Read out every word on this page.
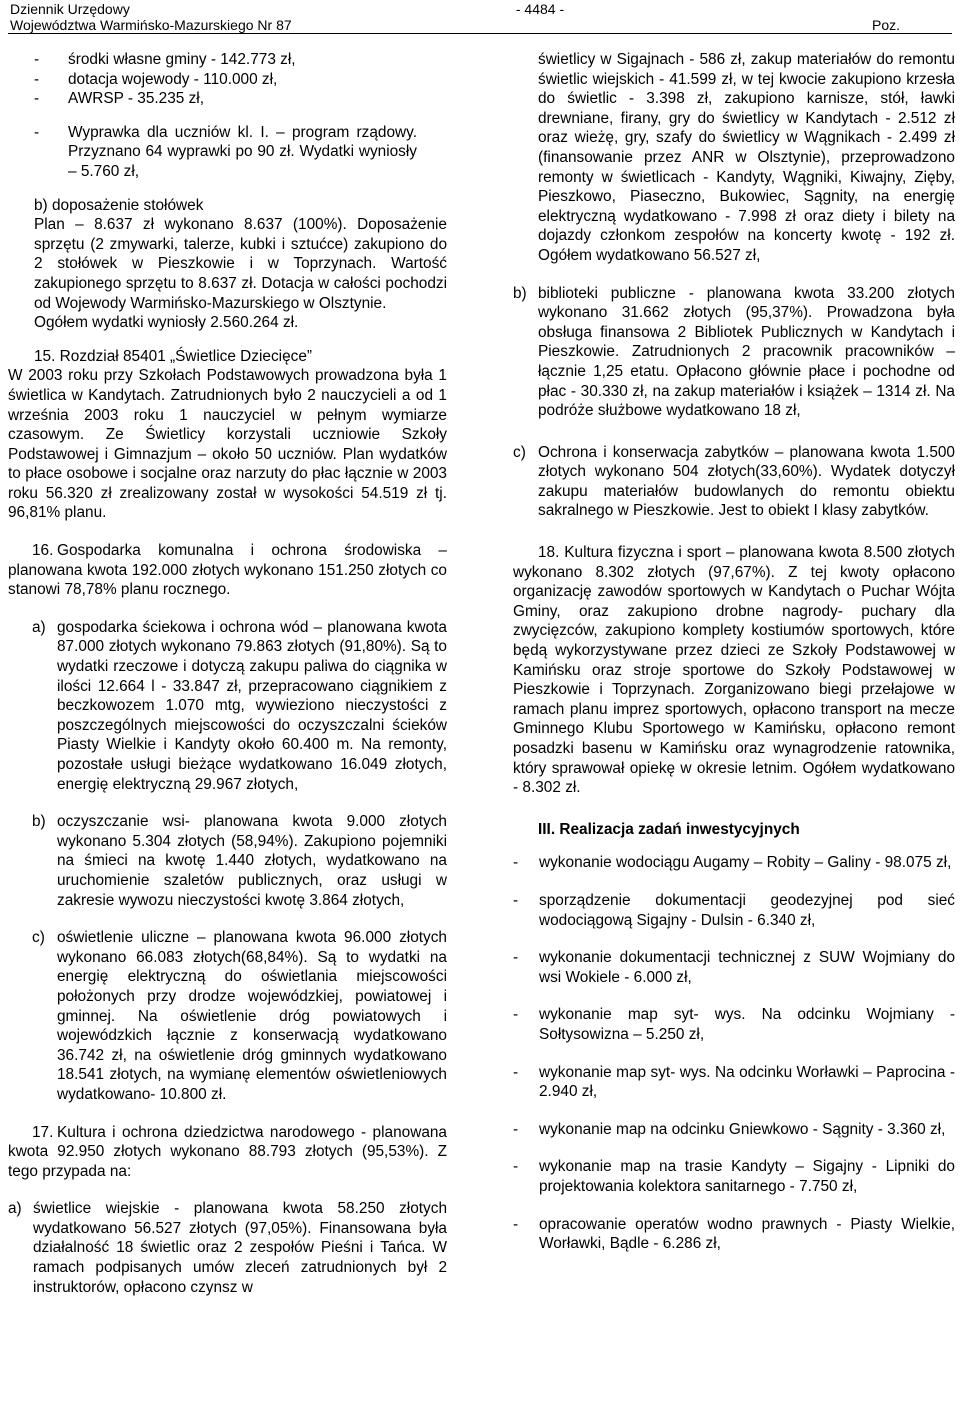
Dziennik Urzędowy
Województwa Warmińsko-Mazurskiego Nr 87
- 4484 -
Poz.
- środki własne gminy - 142.773 zł,
- dotacja wojewody - 110.000 zł,
- AWRSP - 35.235 zł,
- Wyprawka dla uczniów kl. I. – program rządowy. Przyznano 64 wyprawki po 90 zł. Wydatki wyniosły – 5.760 zł,
b) doposażenie stołówek
Plan – 8.637 zł wykonano 8.637 (100%). Doposażenie sprzętu (2 zmywarki, talerze, kubki i sztućce) zakupiono do 2 stołówek w Pieszkowie i w Toprzynach. Wartość zakupionego sprzętu to 8.637 zł. Dotacja w całości pochodzi od Wojewody Warmińsko-Mazurskiego w Olsztynie.
Ogółem wydatki wyniosły 2.560.264 zł.
15. Rozdział 85401 „Świetlice Dziecięce”
W 2003 roku przy Szkołach Podstawowych prowadzona była 1 świetlica w Kandytach. Zatrudnionych było 2 nauczycieli a od 1 września 2003 roku 1 nauczyciel w pełnym wymiarze czasowym. Ze Świetlicy korzystali uczniowie Szkoły Podstawowej i Gimnazjum – około 50 uczniów. Plan wydatków to płace osobowe i socjalne oraz narzuty do płac łącznie w 2003 roku 56.320 zł zrealizowany został w wysokości 54.519 zł tj. 96,81% planu.
16. Gospodarka komunalna i ochrona środowiska – planowana kwota 192.000 złotych wykonano 151.250 złotych co stanowi 78,78% planu rocznego.
a) gospodarka ściekowa i ochrona wód – planowana kwota 87.000 złotych wykonano 79.863 złotych (91,80%). Są to wydatki rzeczowe i dotyczą zakupu paliwa do ciągnika w ilości 12.664 l - 33.847 zł, przepracowano ciągnikiem z beczkowozem 1.070 mtg, wywieziono nieczystości z poszczególnych miejscowości do oczyszczalni ścieków Piasty Wielkie i Kandyty około 60.400 m. Na remonty, pozostałe usługi bieżące wydatkowano 16.049 złotych, energię elektryczną 29.967 złotych,
b) oczyszczanie wsi- planowana kwota 9.000 złotych wykonano 5.304 złotych (58,94%). Zakupiono pojemniki na śmieci na kwotę 1.440 złotych, wydatkowano na uruchomienie szaletów publicznych, oraz usługi w zakresie wywozu nieczystości kwotę 3.864 złotych,
c) oświetlenie uliczne – planowana kwota 96.000 złotych wykonano 66.083 złotych(68,84%). Są to wydatki na energię elektryczną do oświetlania miejscowości położonych przy drodze wojewódzkiej, powiatowej i gminnej. Na oświetlenie dróg powiatowych i wojewódzkich łącznie z konserwacją wydatkowano 36.742 zł, na oświetlenie dróg gminnych wydatkowano 18.541 złotych, na wymianę elementów oświetleniowych wydatkowano- 10.800 zł.
17. Kultura i ochrona dziedzictwa narodowego - planowana kwota 92.950 złotych wykonano 88.793 złotych (95,53%). Z tego przypada na:
a) świetlice wiejskie - planowana kwota 58.250 złotych wydatkowano 56.527 złotych (97,05%). Finansowana była działalność 18 świetlic oraz 2 zespołów Pieśni i Tańca. W ramach podpisanych umów zleceń zatrudnionych był 2 instruktorów, opłacono czynsz w
świetlicy w Sigajnach - 586 zł, zakup materiałów do remontu świetlic wiejskich - 41.599 zł, w tej kwocie zakupiono krzesła do świetlic - 3.398 zł, zakupiono karnisze, stół, ławki drewniane, firany, gry do świetlicy w Kandytach - 2.512 zł oraz wieżę, gry, szafy do świetlicy w Wągnikach - 2.499 zł (finansowanie przez ANR w Olsztynie), przeprowadzono remonty w świetlicach - Kandyty, Wągniki, Kiwajny, Zięby, Pieszkowo, Piaseczno, Bukowiec, Sągnity, na energię elektryczną wydatkowano - 7.998 zł oraz diety i bilety na dojazdy członkom zespołów na koncerty kwotę - 192 zł. Ogółem wydatkowano 56.527 zł,
b) biblioteki publiczne - planowana kwota 33.200 złotych wykonano 31.662 złotych (95,37%). Prowadzona była obsługa finansowa 2 Bibliotek Publicznych w Kandytach i Pieszkowie. Zatrudnionych 2 pracownik pracowników – łącznie 1,25 etatu. Opłacono głównie płace i pochodne od płac - 30.330 zł, na zakup materiałów i książek – 1314 zł. Na podróże służbowe wydatkowano 18 zł,
c) Ochrona i konserwacja zabytków – planowana kwota 1.500 złotych wykonano 504 złotych(33,60%). Wydatek dotyczył zakupu materiałów budowlanych do remontu obiektu sakralnego w Pieszkowie. Jest to obiekt I klasy zabytków.
18. Kultura fizyczna i sport – planowana kwota 8.500 złotych wykonano 8.302 złotych (97,67%). Z tej kwoty opłacono organizację zawodów sportowych w Kandytach o Puchar Wójta Gminy, oraz zakupiono drobne nagrody- puchary dla zwycięzców, zakupiono komplety kostiumów sportowych, które będą wykorzystywane przez dzieci ze Szkoły Podstawowej w Kamińsku oraz stroje sportowe do Szkoły Podstawowej w Pieszkowie i Toprzynach. Zorganizowano biegi przełajowe w ramach planu imprez sportowych, opłacono transport na mecze Gminnego Klubu Sportowego w Kamińsku, opłacono remont posadzki basenu w Kamińsku oraz wynagrodzenie ratownika, który sprawował opiekę w okresie letnim. Ogółem wydatkowano - 8.302 zł.
III. Realizacja zadań inwestycyjnych
- wykonanie wodociągu Augamy – Robity – Galiny - 98.075 zł,
- sporządzenie dokumentacji geodezyjnej pod sieć wodociągową Sigajny - Dulsin - 6.340 zł,
- wykonanie dokumentacji technicznej z SUW Wojmiany do wsi Wokiele - 6.000 zł,
- wykonanie map syt- wys. Na odcinku Wojmiany - Sołtysowizna – 5.250 zł,
- wykonanie map syt- wys. Na odcinku Worławki – Paprocina - 2.940 zł,
- wykonanie map na odcinku Gniewkowo - Sągnity - 3.360 zł,
- wykonanie map na trasie Kandyty – Sigajny - Lipniki do projektowania kolektora sanitarnego - 7.750 zł,
- opracowanie operatów wodno prawnych - Piasty Wielkie, Worławki, Bądle - 6.286 zł,
